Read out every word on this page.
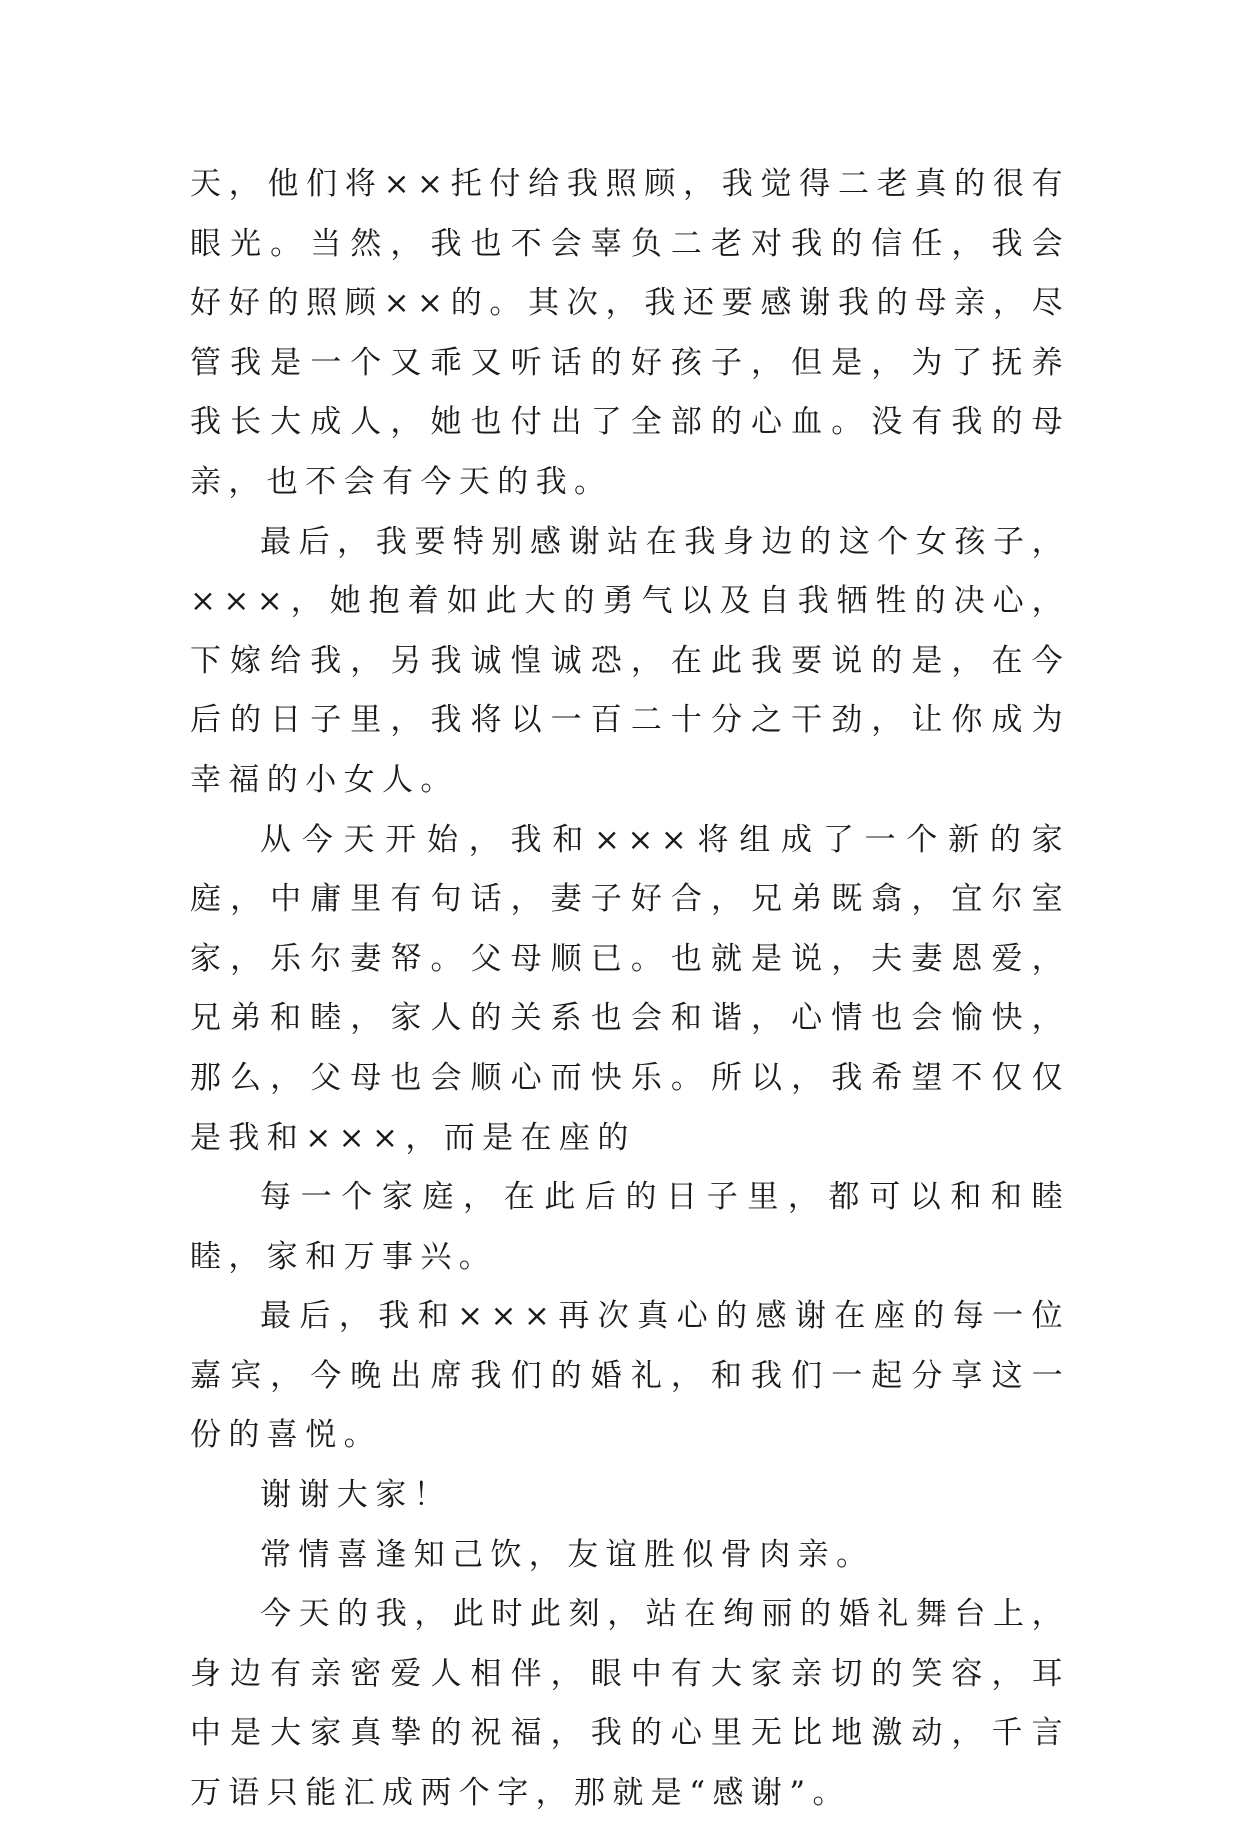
天，他们将××托付给我照顾，我觉得二老真的很有眼光。当然，我也不会辜负二老对我的信任，我会好好的照顾××的。其次，我还要感谢我的母亲，尽管我是一个又乖又听话的好孩子，但是，为了抚养我长大成人，她也付出了全部的心血。没有我的母亲，也不会有今天的我。

最后，我要特别感谢站在我身边的这个女孩子，×××，她抱着如此大的勇气以及自我牺牲的决心，下嫁给我，另我诚惶诚恐，在此我要说的是，在今后的日子里，我将以一百二十分之干劲，让你成为幸福的小女人。

从今天开始，我和×××将组成了一个新的家庭，中庸里有句话，妻子好合，兄弟既翕，宜尔室家，乐尔妻帑。父母顺已。也就是说，夫妻恩爱，兄弟和睦，家人的关系也会和谐，心情也会愉快，那么，父母也会顺心而快乐。所以，我希望不仅仅是我和×××，而是在座的

每一个家庭，在此后的日子里，都可以和和睦睦，家和万事兴。

最后，我和×××再次真心的感谢在座的每一位嘉宾，今晚出席我们的婚礼，和我们一起分享这一份的喜悦。

谢谢大家！

常情喜逢知己饮，友谊胜似骨肉亲。

今天的我，此时此刻，站在绚丽的婚礼舞台上，身边有亲密爱人相伴，眼中有大家亲切的笑容，耳中是大家真挚的祝福，我的心里无比地激动，千言万语只能汇成两个字，那就是“感谢”。
